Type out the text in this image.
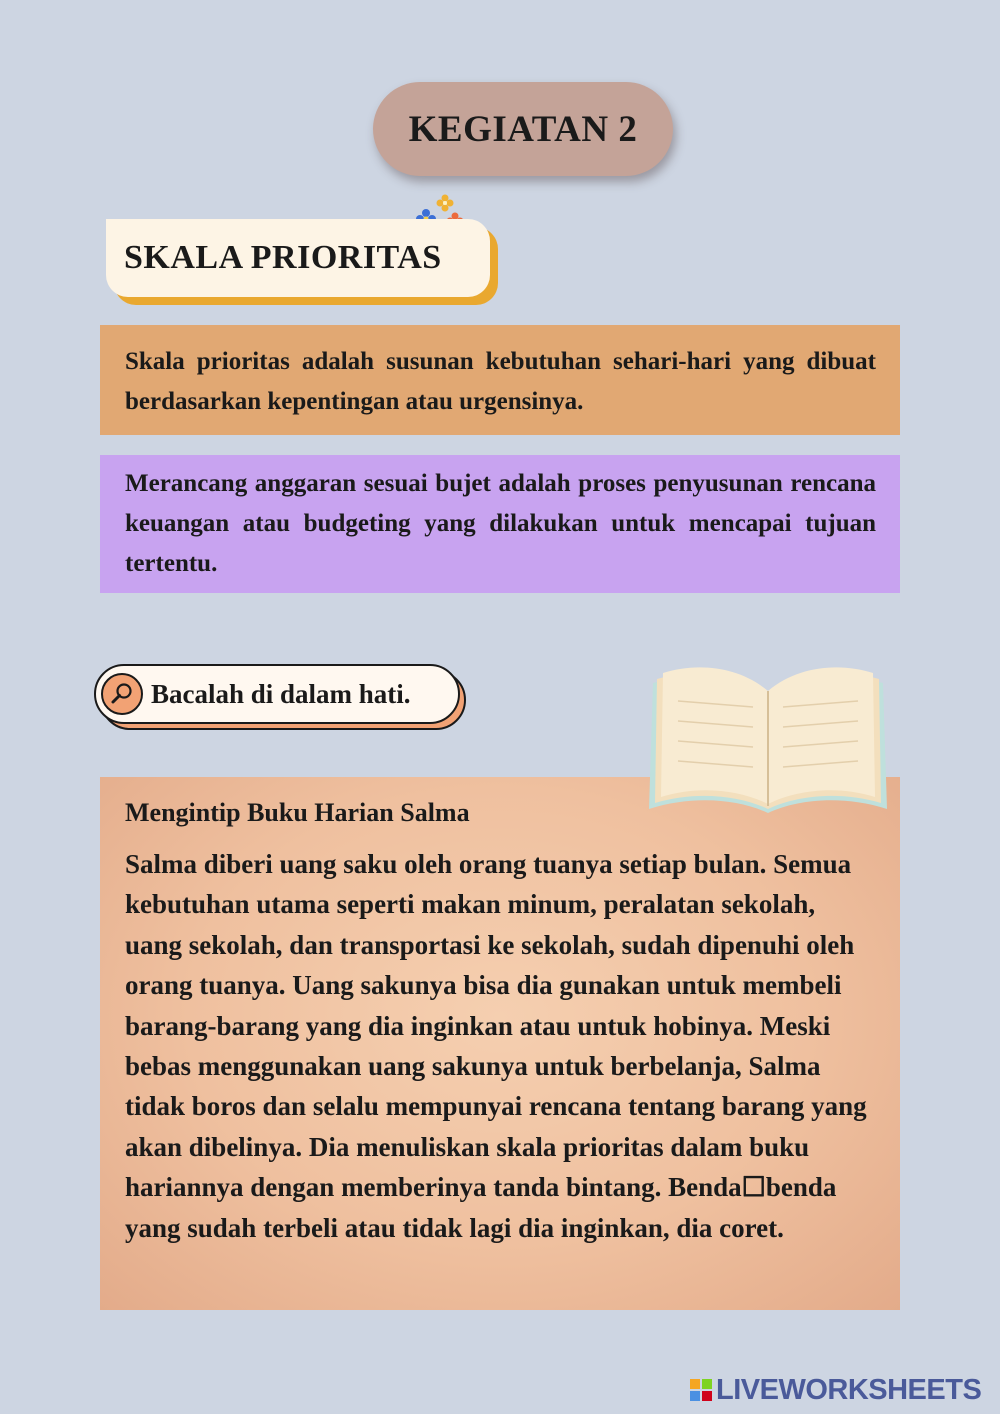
KEGIATAN 2
SKALA PRIORITAS
Skala prioritas adalah susunan kebutuhan sehari-hari yang dibuat berdasarkan kepentingan atau urgensinya.
Merancang anggaran sesuai bujet adalah proses penyusunan rencana keuangan atau budgeting yang dilakukan untuk mencapai tujuan tertentu.
Bacalah di dalam hati.
Mengintip Buku Harian Salma
Salma diberi uang saku oleh orang tuanya setiap bulan. Semua kebutuhan utama seperti makan minum, peralatan sekolah, uang sekolah, dan transportasi ke sekolah, sudah dipenuhi oleh orang tuanya. Uang sakunya bisa dia gunakan untuk membeli barang-barang yang dia inginkan atau untuk hobinya. Meski bebas menggunakan uang sakunya untuk berbelanja, Salma tidak boros dan selalu mempunyai rencana tentang barang yang akan dibelinya. Dia menuliskan skala prioritas dalam buku hariannya dengan memberinya tanda bintang. Benda☐benda yang sudah terbeli atau tidak lagi dia inginkan, dia coret.
LIVEWORKSHEETS
